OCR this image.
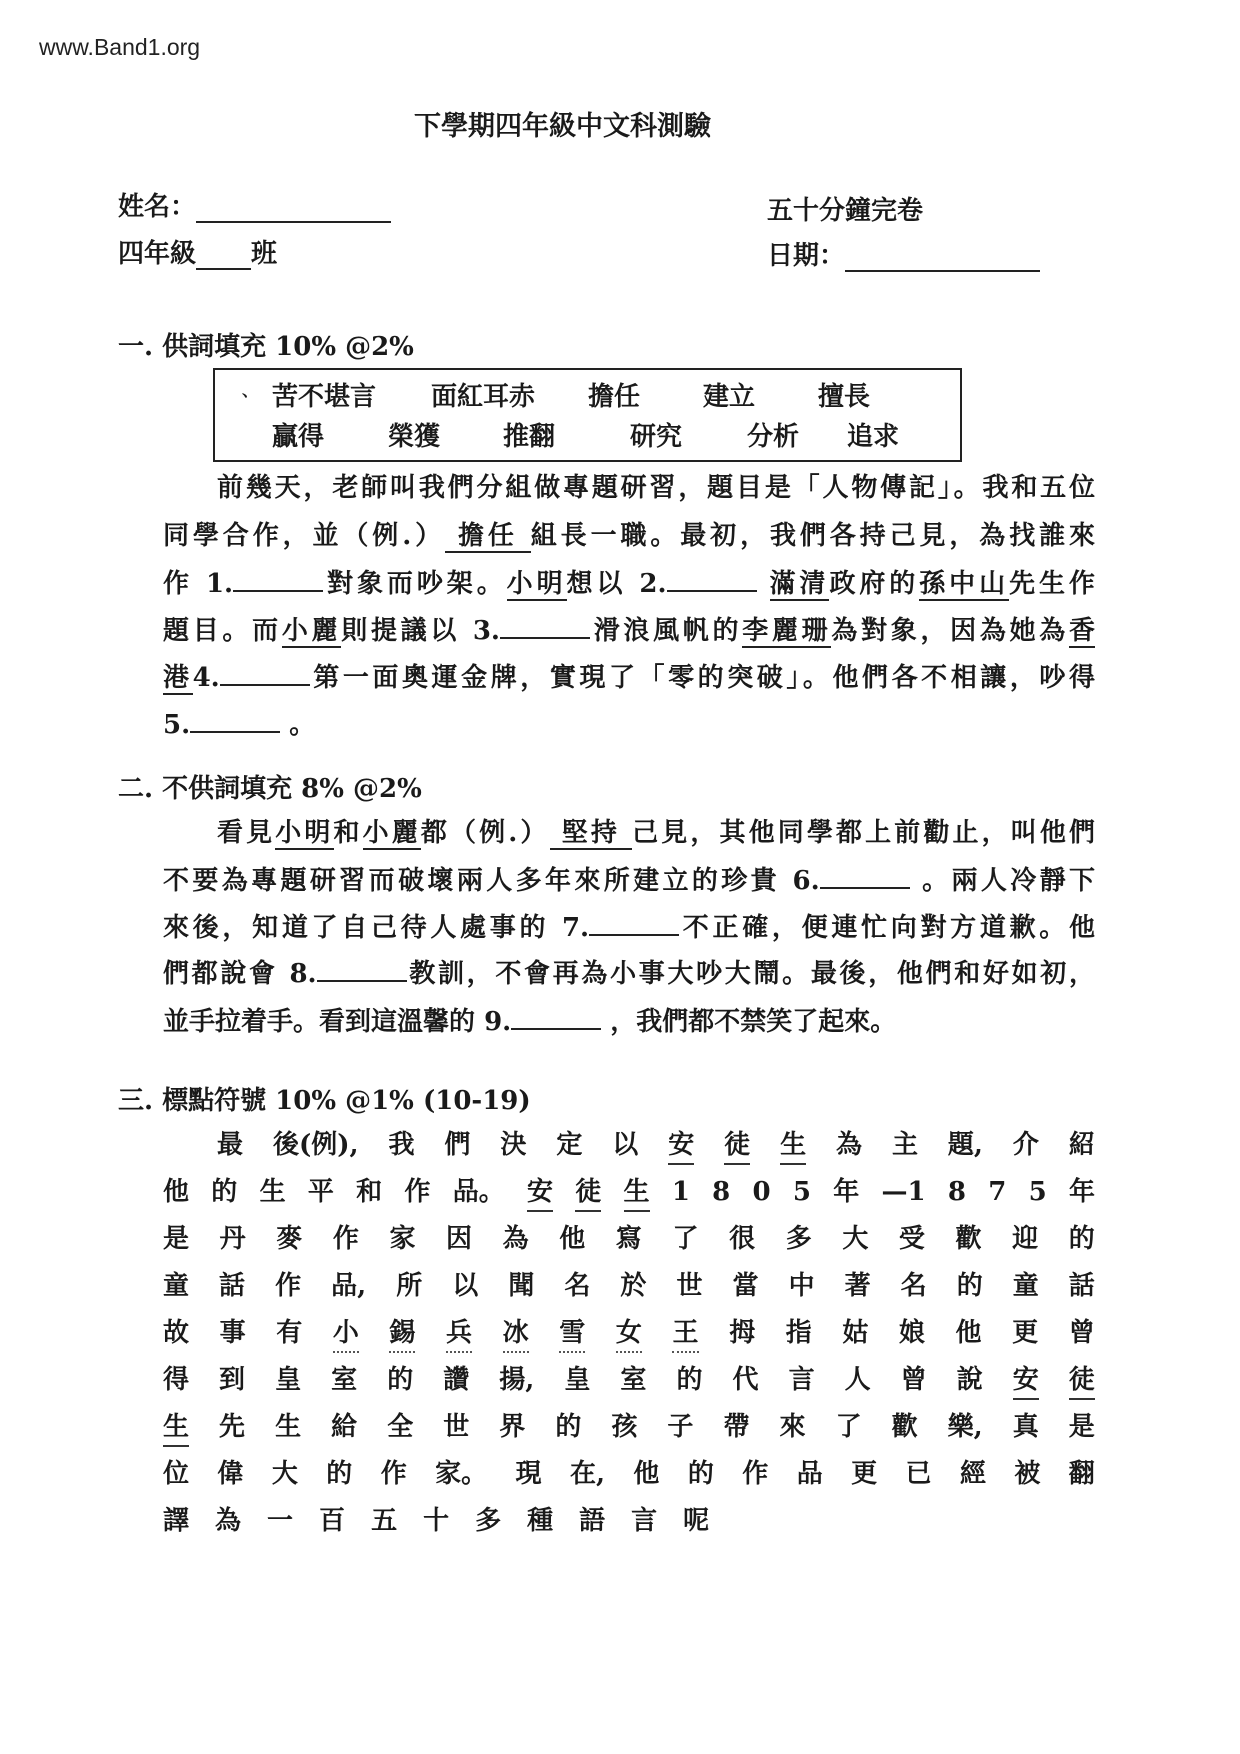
www.Band1.org
下學期四年級中文科測驗
姓名：
四年級 班
五十分鐘完卷
日期：
一. 供詞填充 10% @2%
、 苦不堪言 面紅耳赤 擔任 建立 擅長
贏得 榮獲 推翻	研究 分析 追求
前幾天，老師叫我們分組做專題研習，題目是「人物傳記」。我和五位
同學合作，並（例.） 擔任 組長一職。最初，我們各持己見，為找誰來
作 1.	對象而吵架。小明想以 2.	滿清政府的孫中山先生作
題目。而小麗則提議以 3.	滑浪風帆的李麗珊為對象，因為她為香
港4.	第一面奧運金牌，實現了「零的突破」。他們各不相讓，吵得
5.	。
二. 不供詞填充 8% @2%
看見小明和小麗都（例.） 堅持 己見，其他同學都上前勸止，叫他們
不要為專題研習而破壞兩人多年來所建立的珍貴 6.	。兩人冷靜下
來後，知道了自己待人處事的 7.	不正確，便連忙向對方道歉。他
們都說會 8.	教訓，不會再為小事大吵大鬧。最後，他們和好如初，
並手拉着手。看到這溫馨的 9.	，我們都不禁笑了起來。
三. 標點符號 10% @1% (10-19)
最 後(例), 我 們 決 定 以 安 徒 生 為 主 題, 介 紹
他 的 生 平 和 作 品。 安 徒 生 1 8 0 5 年 —1 8 7 5 年
是 丹 麥 作 家 因 為 他 寫 了 很 多 大 受 歡 迎 的
童 話 作 品, 所 以 聞 名 於 世 當 中 著 名 的 童 話
故 事 有 小 錫 兵 冰 雪 女 王 拇 指 姑 娘 他 更 曾
得 到 皇 室 的 讚 揚, 皇 室 的 代 言 人 曾 說 安 徒
生 先 生 給 全 世 界 的 孩 子 帶 來 了 歡 樂, 真 是
位 偉 大 的 作 家。 現 在, 他 的 作 品 更 已 經 被 翻
譯 為 一 百 五 十 多 種 語 言 呢
